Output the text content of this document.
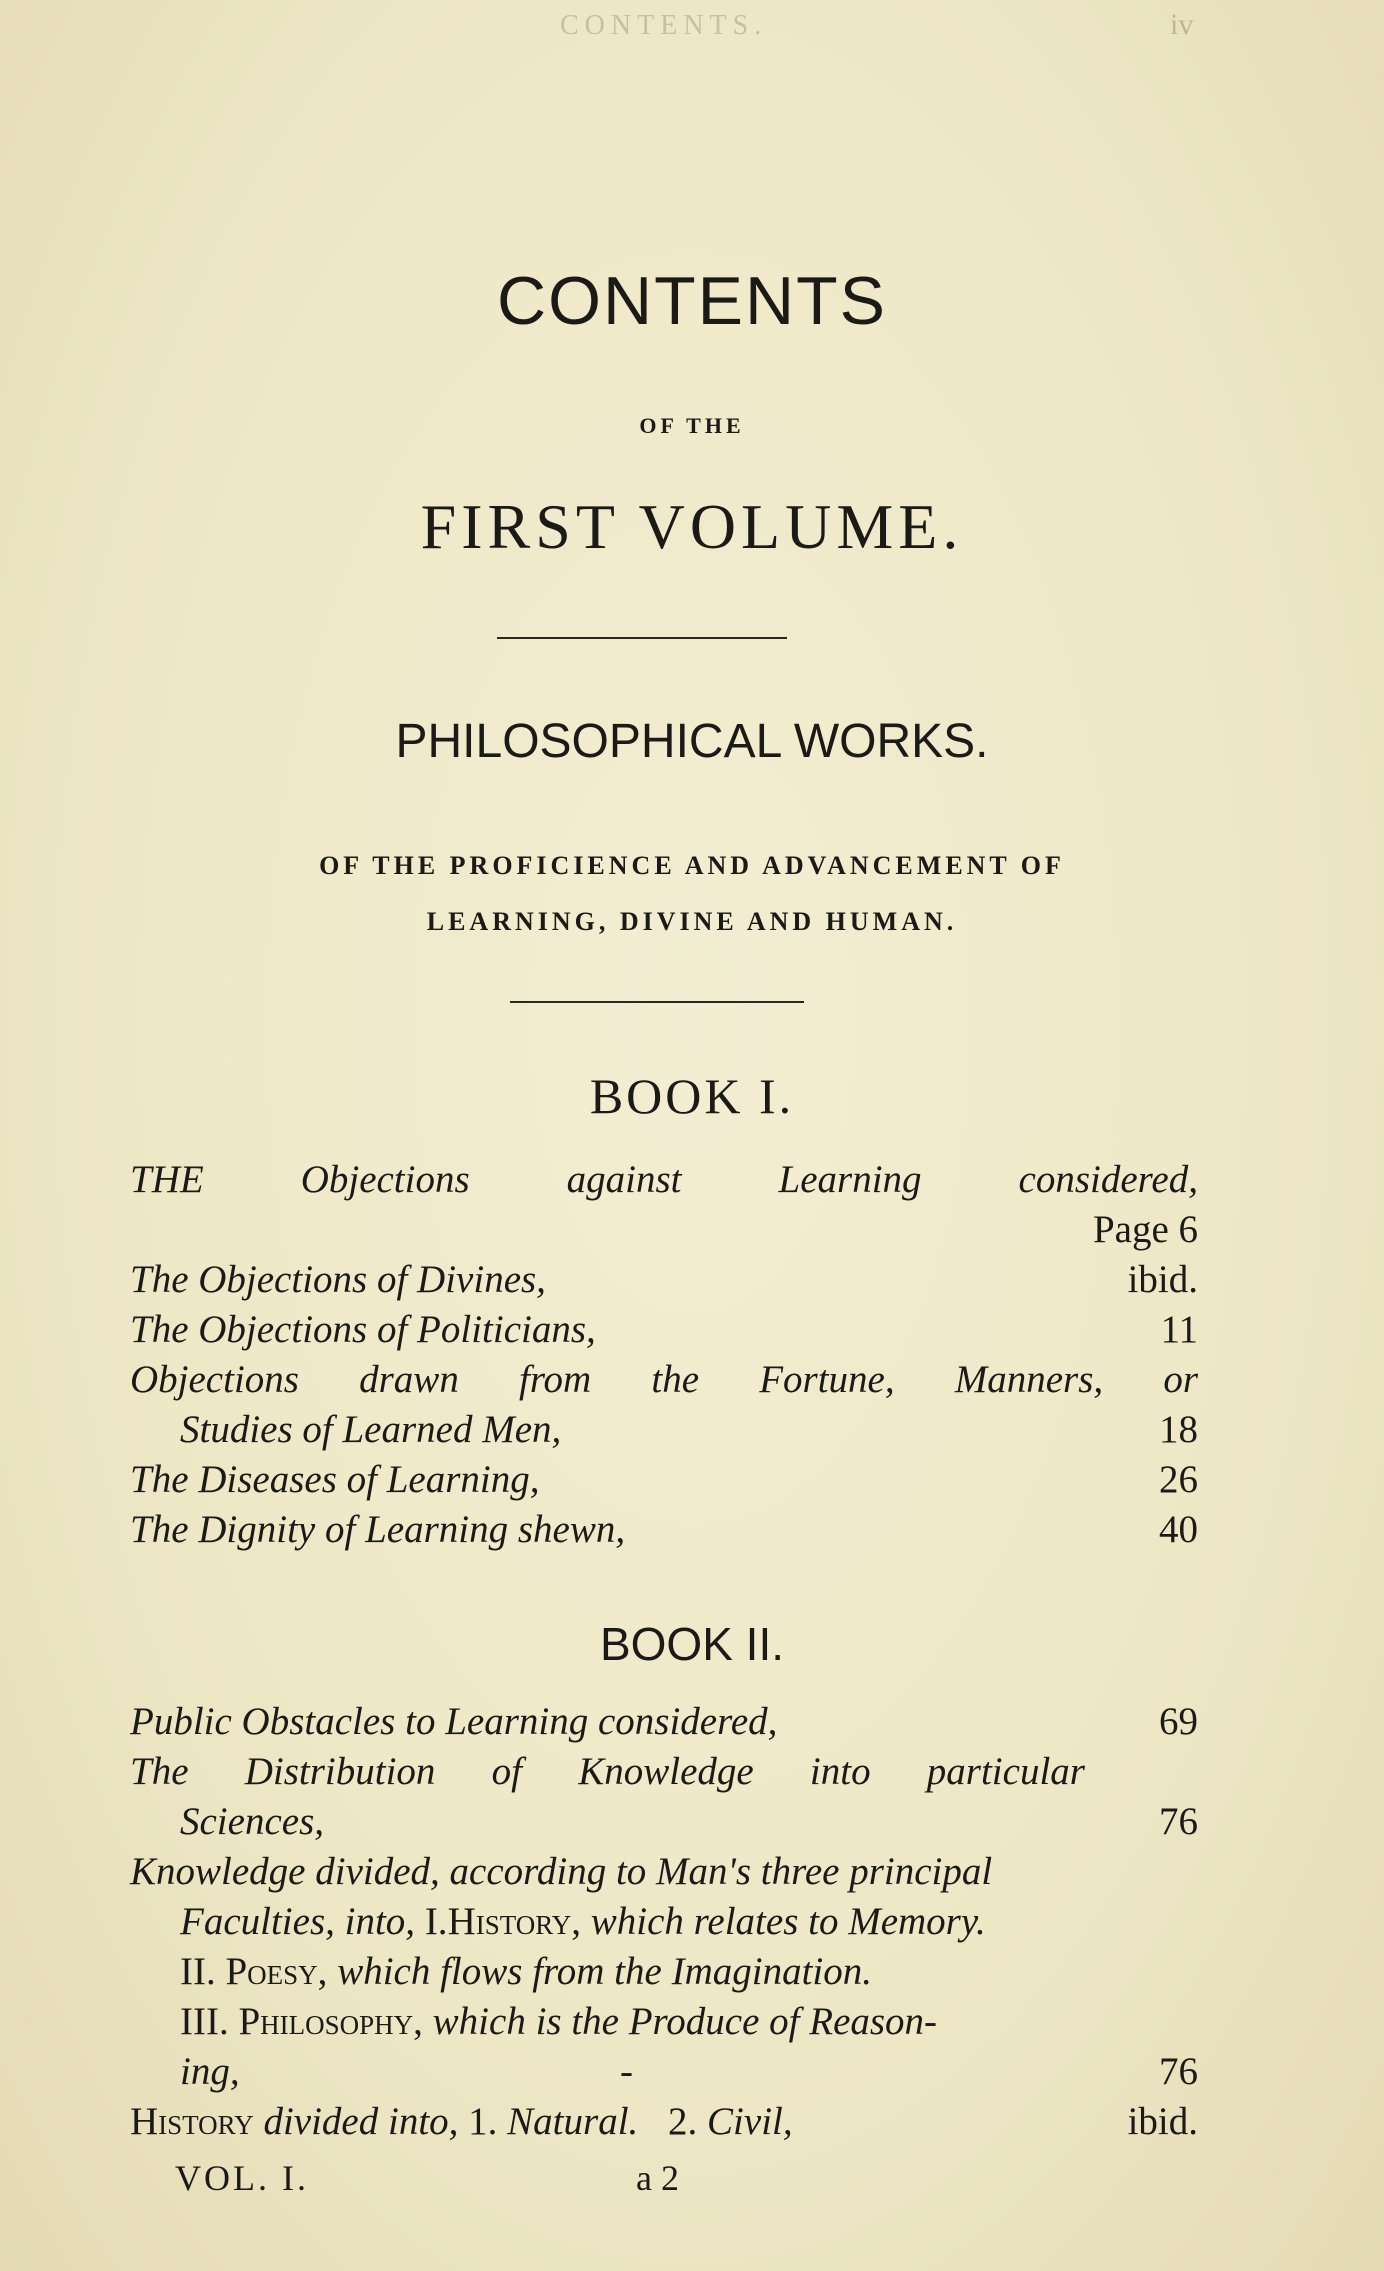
CONTENTS.	iv
CONTENTS
OF THE
FIRST VOLUME.
PHILOSOPHICAL WORKS.
OF THE PROFICIENCE AND ADVANCEMENT OF
LEARNING, DIVINE AND HUMAN.
BOOK I.
THE Objections against Learning considered,
Page 6
The Objections of Divines,	ibid.
The Objections of Politicians,	11
Objections drawn from the Fortune, Manners, or
Studies of Learned Men,	18
The Diseases of Learning,	26
The Dignity of Learning shewn,	40
BOOK II.
Public Obstacles to Learning considered,	69
The Distribution of Knowledge into particular
Sciences,	76
Knowledge divided, according to Man's three principal
Faculties, into, I.History, which relates to Memory.
II. Poesy, which flows from the Imagination.
III. Philosophy, which is the Produce of Reason-
ing,	-	76
History divided into, 1. Natural. 2. Civil,	ibid.
VOL. I.	a 2
